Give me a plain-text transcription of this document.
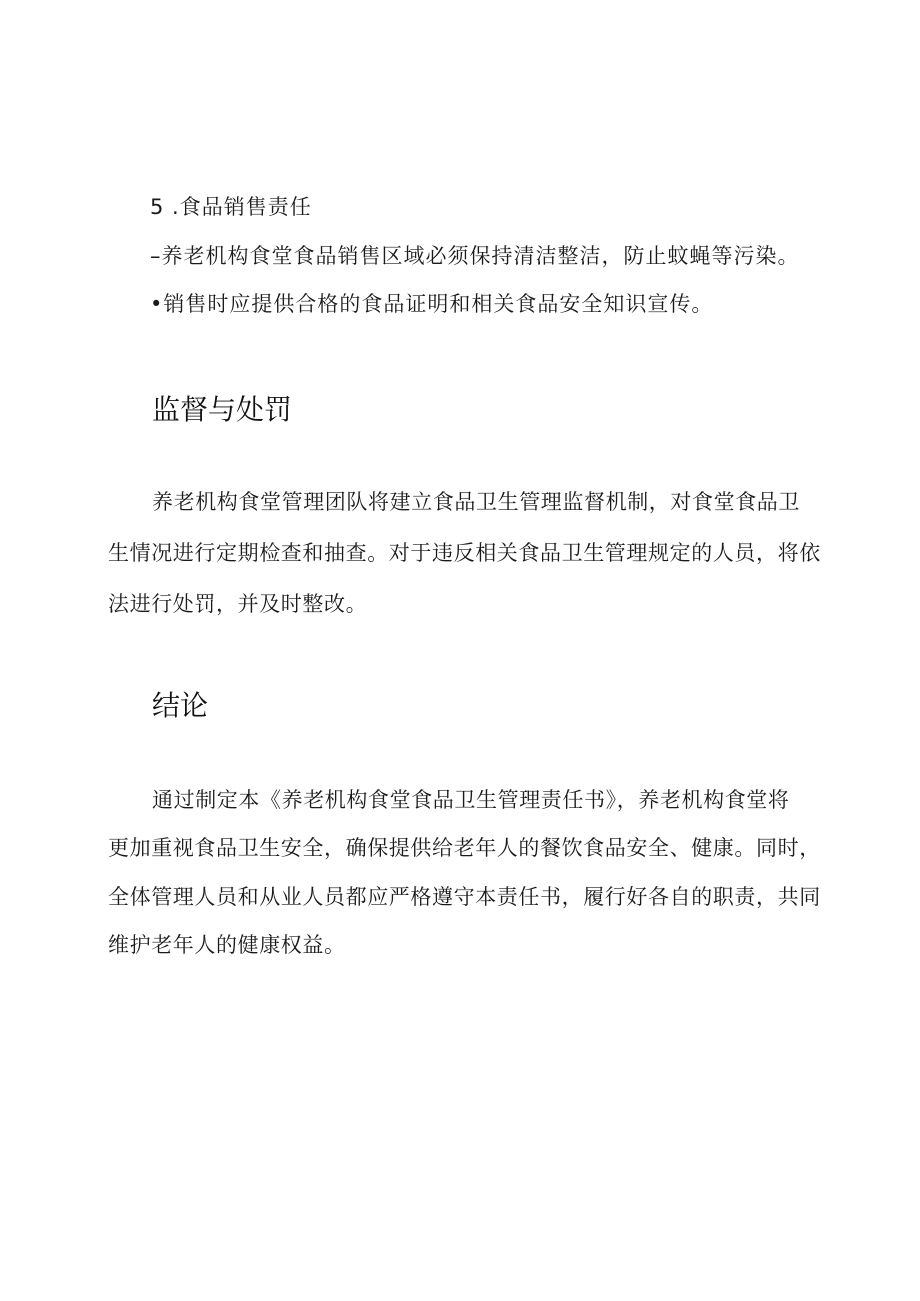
5 .食品销售责任
–养老机构食堂食品销售区域必须保持清洁整洁，防止蚊蝇等污染。
•销售时应提供合格的食品证明和相关食品安全知识宣传。
监督与处罚
养老机构食堂管理团队将建立食品卫生管理监督机制，对食堂食品卫
生情况进行定期检查和抽查。对于违反相关食品卫生管理规定的人员，将依
法进行处罚，并及时整改。
结论
通过制定本《养老机构食堂食品卫生管理责任书》，养老机构食堂将
更加重视食品卫生安全，确保提供给老年人的餐饮食品安全、健康。同时，
全体管理人员和从业人员都应严格遵守本责任书，履行好各自的职责，共同
维护老年人的健康权益。
